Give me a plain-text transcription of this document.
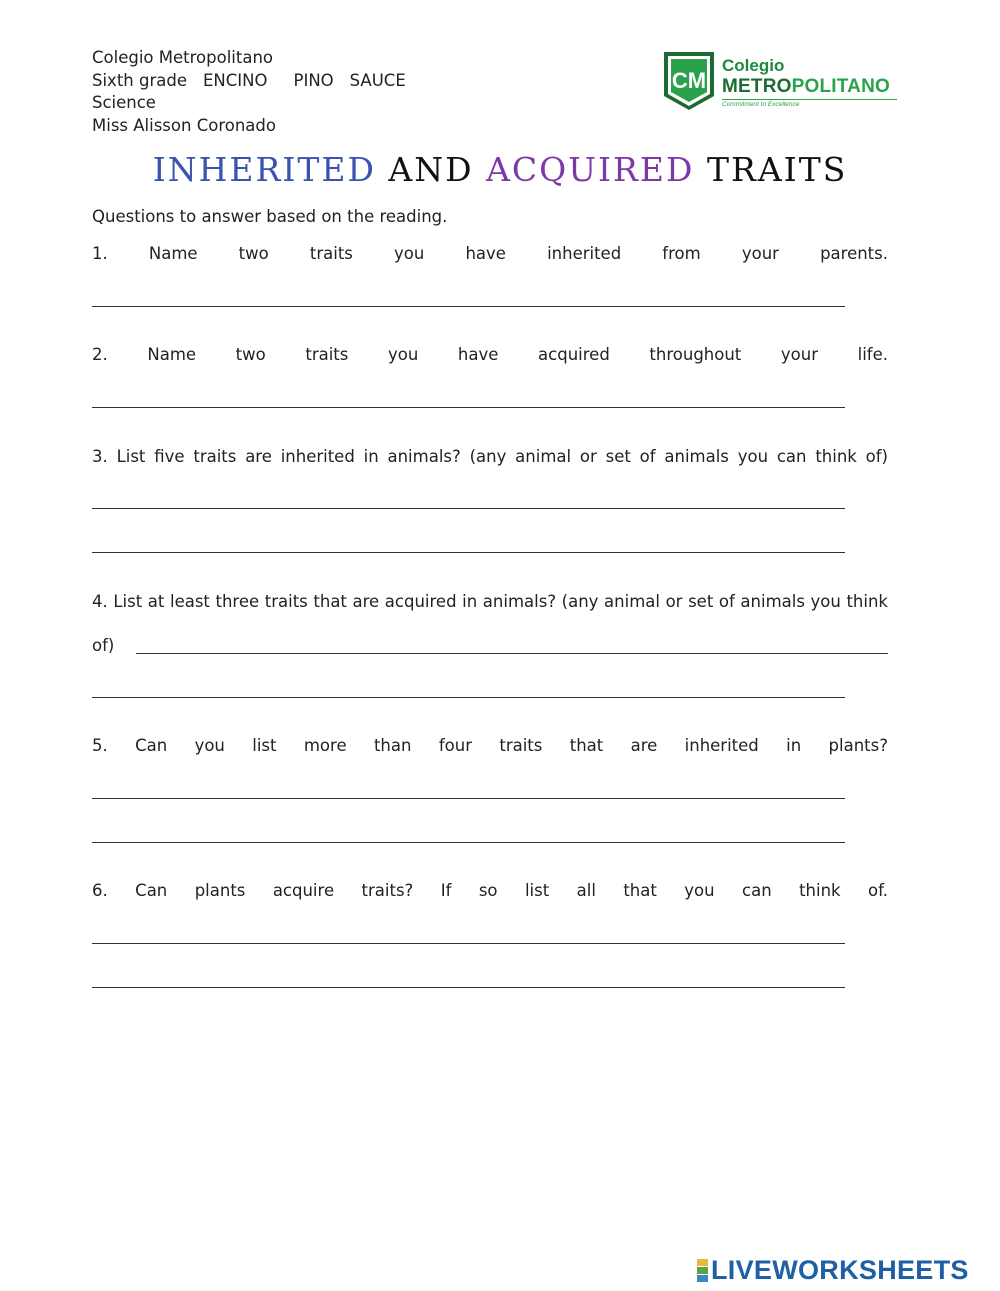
Colegio Metropolitano
Sixth grade ENCINO PINO SAUCE
Science
Miss Alisson Coronado
CM
Colegio
METROPOLITANO
Commitment to Excellence
INHERITED AND ACQUIRED TRAITS
Questions to answer based on the reading.
1. Name two traits you have inherited from your parents.
2. Name two traits you have acquired throughout your life.
3. List five traits are inherited in animals? (any animal or set of animals you can think of)
4. List at least three traits that are acquired in animals? (any animal or set of animals you think
of)
5. Can you list more than four traits that are inherited in plants?
6. Can plants acquire traits? If so list all that you can think of.
LIVEWORKSHEETS
